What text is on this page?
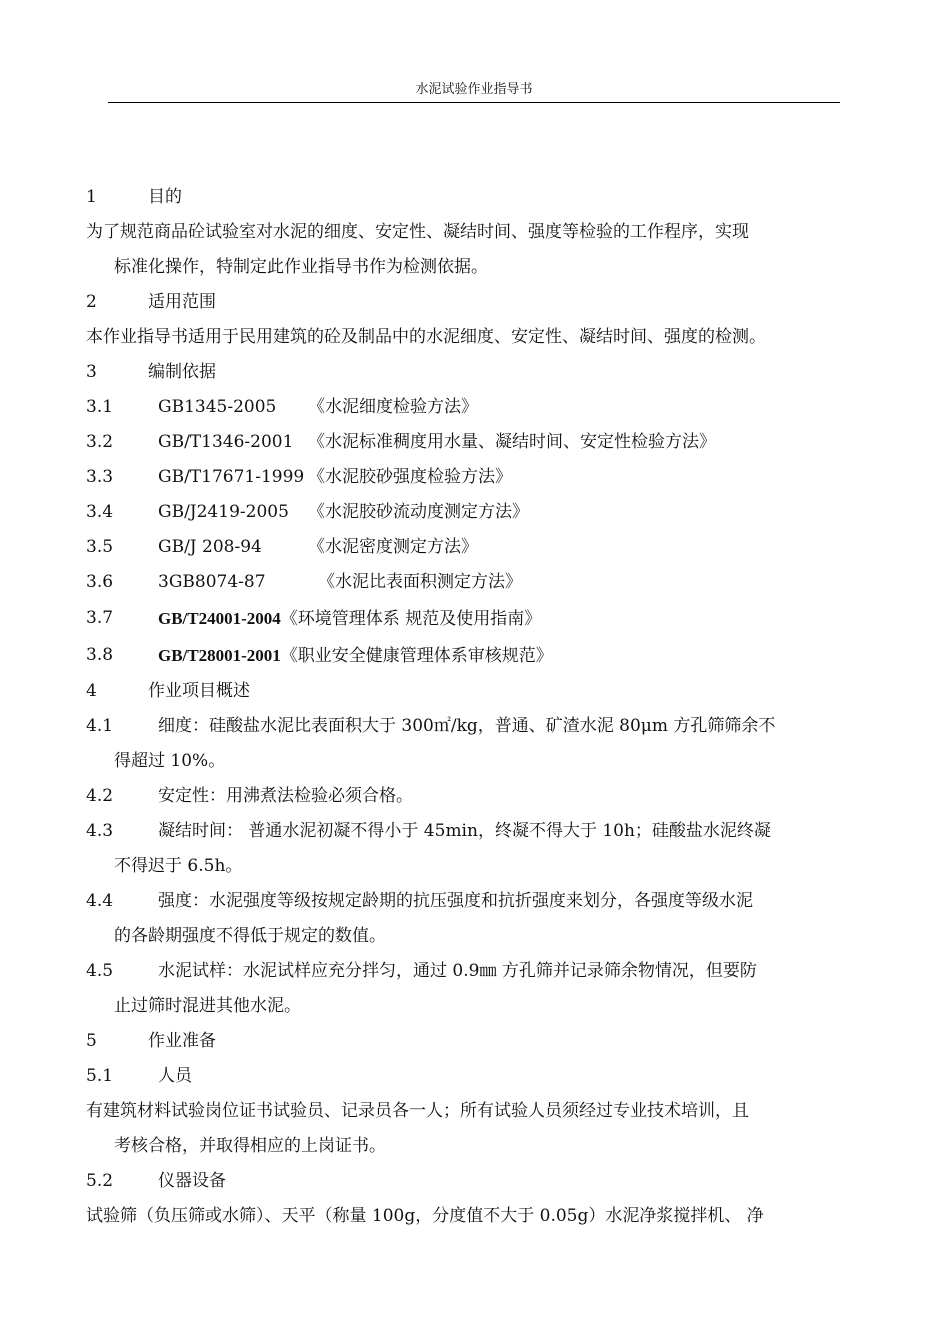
水泥试验作业指导书
1	目的
为了规范商品砼试验室对水泥的细度、安定性、凝结时间、强度等检验的工作程序，实现
标准化操作，特制定此作业指导书作为检测依据。
2	适用范围
本作业指导书适用于民用建筑的砼及制品中的水泥细度、安定性、凝结时间、强度的检测。
3	编制依据
3.1	GB1345-2005 《水泥细度检验方法》
3.2	GB/T1346-2001 《水泥标准稠度用水量、凝结时间、安定性检验方法》
3.3	GB/T17671-1999 《水泥胶砂强度检验方法》
3.4	GB/J2419-2005 《水泥胶砂流动度测定方法》
3.5	GB/J 208-94	《水泥密度测定方法》
3.6	3GB8074-87	《水泥比表面积测定方法》
3.7	GB/T24001-2004《环境管理体系 规范及使用指南》
3.8	GB/T28001-2001《职业安全健康管理体系审核规范》
4	作业项目概述
4.1	细度：硅酸盐水泥比表面积大于 300㎡/kg，普通、矿渣水泥 80μm 方孔筛筛余不
得超过 10%。
4.2	安定性：用沸煮法检验必须合格。
4.3	凝结时间： 普通水泥初凝不得小于 45min，终凝不得大于 10h；硅酸盐水泥终凝
不得迟于 6.5h。
4.4	强度：水泥强度等级按规定龄期的抗压强度和抗折强度来划分，各强度等级水泥
的各龄期强度不得低于规定的数值。
4.5	水泥试样：水泥试样应充分拌匀，通过 0.9㎜ 方孔筛并记录筛余物情况，但要防
止过筛时混进其他水泥。
5	作业准备
5.1	人员
有建筑材料试验岗位证书试验员、记录员各一人；所有试验人员须经过专业技术培训，且
考核合格，并取得相应的上岗证书。
5.2	仪器设备
试验筛（负压筛或水筛）、天平（称量 100g，分度值不大于 0.05g）水泥净浆搅拌机、 净
